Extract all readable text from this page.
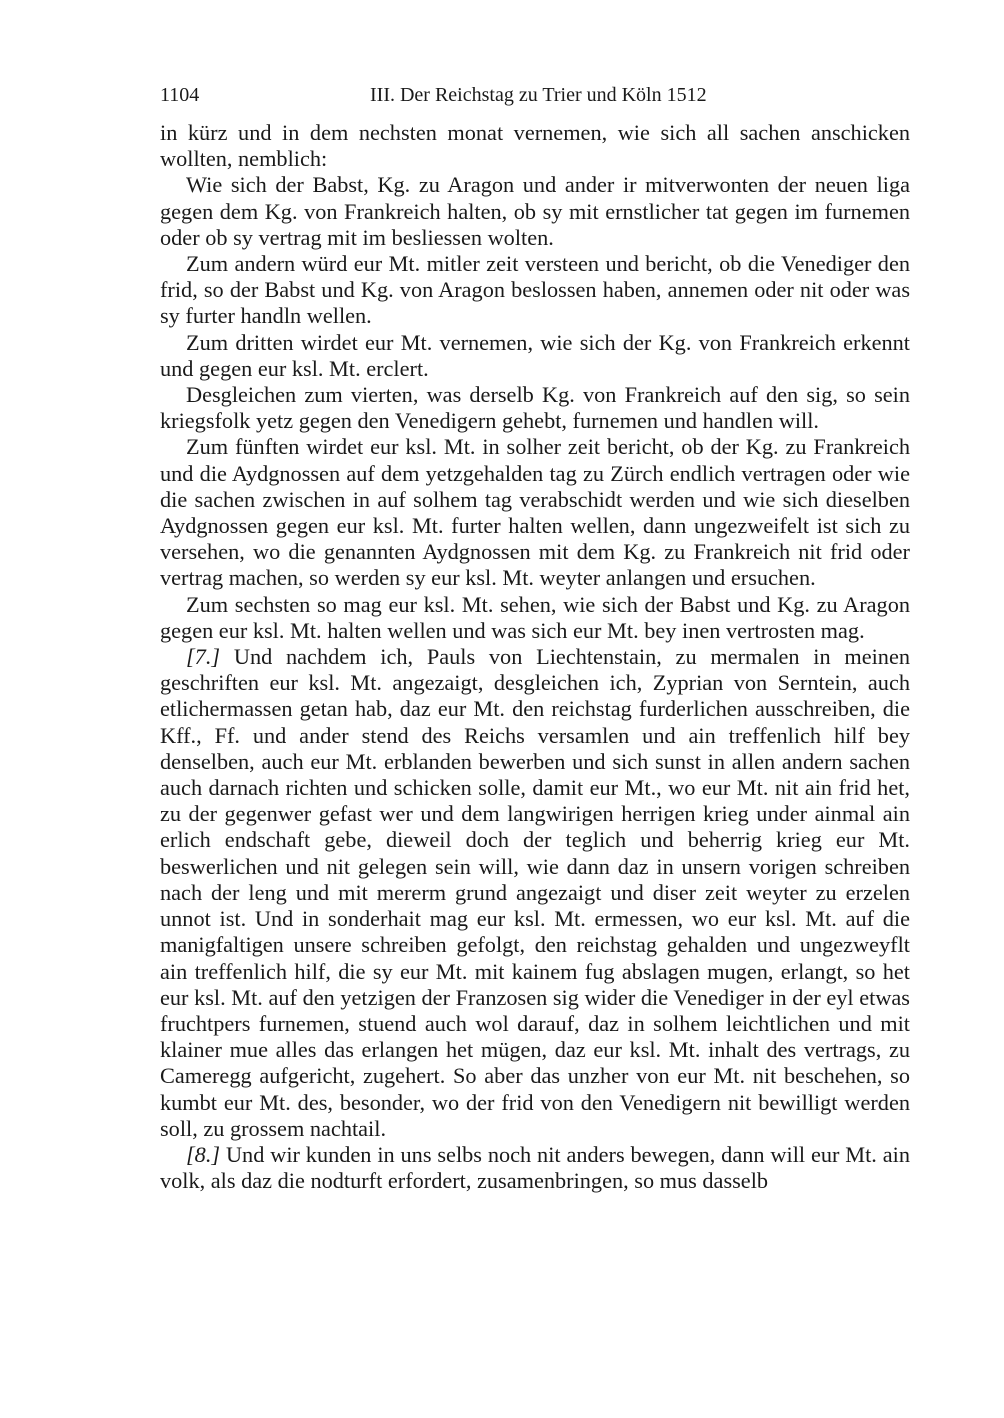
1104	III. Der Reichstag zu Trier und Köln 1512

in kürz und in dem nechsten monat vernemen, wie sich all sachen anschicken wollten, nemblich:

Wie sich der Babst, Kg. zu Aragon und ander ir mitverwonten der neuen liga gegen dem Kg. von Frankreich halten, ob sy mit ernstlicher tat gegen im furnemen oder ob sy vertrag mit im besliessen wolten.

Zum andern würd eur Mt. mitler zeit versteen und bericht, ob die Venediger den frid, so der Babst und Kg. von Aragon beslossen haben, annemen oder nit oder was sy furter handln wellen.

Zum dritten wirdet eur Mt. vernemen, wie sich der Kg. von Frankreich erkennt und gegen eur ksl. Mt. erclert.

Desgleichen zum vierten, was derselb Kg. von Frankreich auf den sig, so sein kriegsfolk yetz gegen den Venedigern gehebt, furnemen und handlen will.

Zum fünften wirdet eur ksl. Mt. in solher zeit bericht, ob der Kg. zu Frankreich und die Aydgnossen auf dem yetzgehalden tag zu Zürch endlich vertragen oder wie die sachen zwischen in auf solhem tag verabschidt werden und wie sich dieselben Aydgnossen gegen eur ksl. Mt. furter halten wellen, dann ungezweifelt ist sich zu versehen, wo die genannten Aydgnossen mit dem Kg. zu Frankreich nit frid oder vertrag machen, so werden sy eur ksl. Mt. weyter anlangen und ersuchen.

Zum sechsten so mag eur ksl. Mt. sehen, wie sich der Babst und Kg. zu Aragon gegen eur ksl. Mt. halten wellen und was sich eur Mt. bey inen vertrosten mag.

[7.] Und nachdem ich, Pauls von Liechtenstain, zu mermalen in meinen geschriften eur ksl. Mt. angezaigt, desgleichen ich, Zyprian von Serntein, auch etlichermassen getan hab, daz eur Mt. den reichstag furderlichen ausschreiben, die Kff., Ff. und ander stend des Reichs versamlen und ain treffenlich hilf bey denselben, auch eur Mt. erblanden bewerben und sich sunst in allen andern sachen auch darnach richten und schicken solle, damit eur Mt., wo eur Mt. nit ain frid het, zu der gegenwer gefast wer und dem langwirigen herrigen krieg under ainmal ain erlich endschaft gebe, dieweil doch der teglich und beherrig krieg eur Mt. beswerlichen und nit gelegen sein will, wie dann daz in unsern vorigen schreiben nach der leng und mit mererm grund angezaigt und diser zeit weyter zu erzelen unnot ist. Und in sonderhait mag eur ksl. Mt. ermessen, wo eur ksl. Mt. auf die manigfaltigen unsere schreiben gefolgt, den reichstag gehalden und ungezweyflt ain treffenlich hilf, die sy eur Mt. mit kainem fug abslagen mugen, erlangt, so het eur ksl. Mt. auf den yetzigen der Franzosen sig wider die Venediger in der eyl etwas fruchtpers furnemen, stuend auch wol darauf, daz in solhem leichtlichen und mit klainer mue alles das erlangen het mügen, daz eur ksl. Mt. inhalt des vertrags, zu Cameregg aufgericht, zugehert. So aber das unzher von eur Mt. nit beschehen, so kumbt eur Mt. des, besonder, wo der frid von den Venedigern nit bewilligt werden soll, zu grossem nachtail.

[8.] Und wir kunden in uns selbs noch nit anders bewegen, dann will eur Mt. ain volk, als daz die nodturft erfordert, zusamenbringen, so mus dasselb
